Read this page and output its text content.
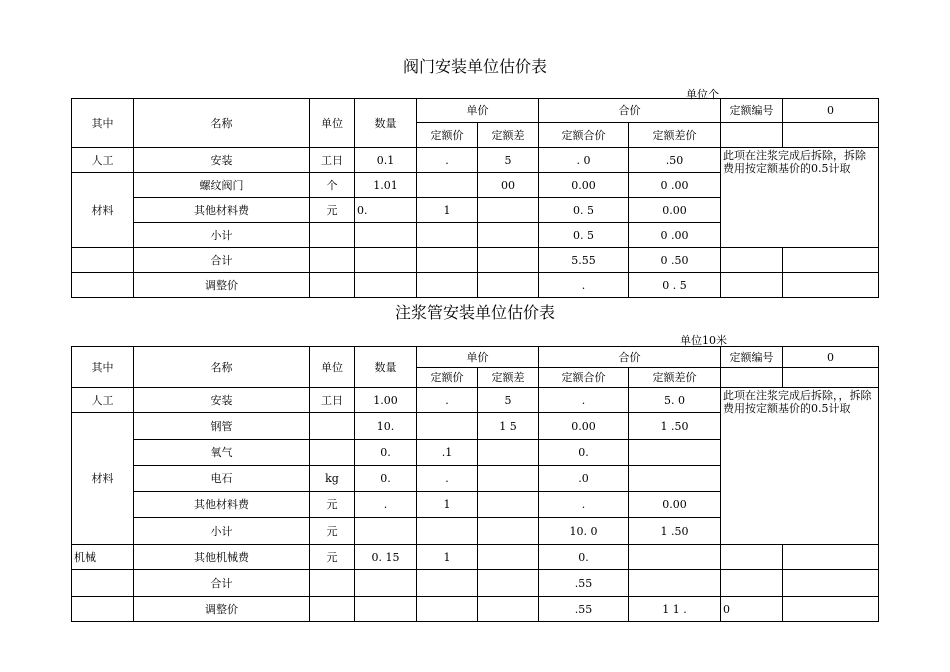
阀门安装单位估价表
单位个
其中	名称	单位	数量	单价		合价		定额编号	0
				定额价	定额差	定额合价	定额差价		
人工	安装	工日	0.1	.	5	. 0	.50	此项在注浆完成后拆除，拆除费用按定额基价的0.5计取	
材料	螺纹阀门	个	1.01		00	0.00	0 .00		
	其他材料费	元	0.	1		0. 5	0.00		
	小计					0. 5	0 .00		
	合计					5.55	0 .50		
	调整价					.	0 . 5		
注浆管安装单位估价表
单位10米
其中	名称	单位	数量	单价		合价		定额编号	0
				定额价	定额差	定额合价	定额差价		
人工	安装	工日	1.00	.	5	.	5. 0	此项在注浆完成后拆除，，拆除费用按定额基价的0.5计取	
材料	钢管		10.		1 5	0.00	1 .50		
	氧气		0.	.1		0.			
	电石	kg	0.	.		.0			
	其他材料费	元	.	1		.	0.00		
	小计	元				10. 0	1 .50		
机械	其他机械费	元	0. 15	1		0.			
	合计					.55			
	调整价					.55	1 1 .	0	
